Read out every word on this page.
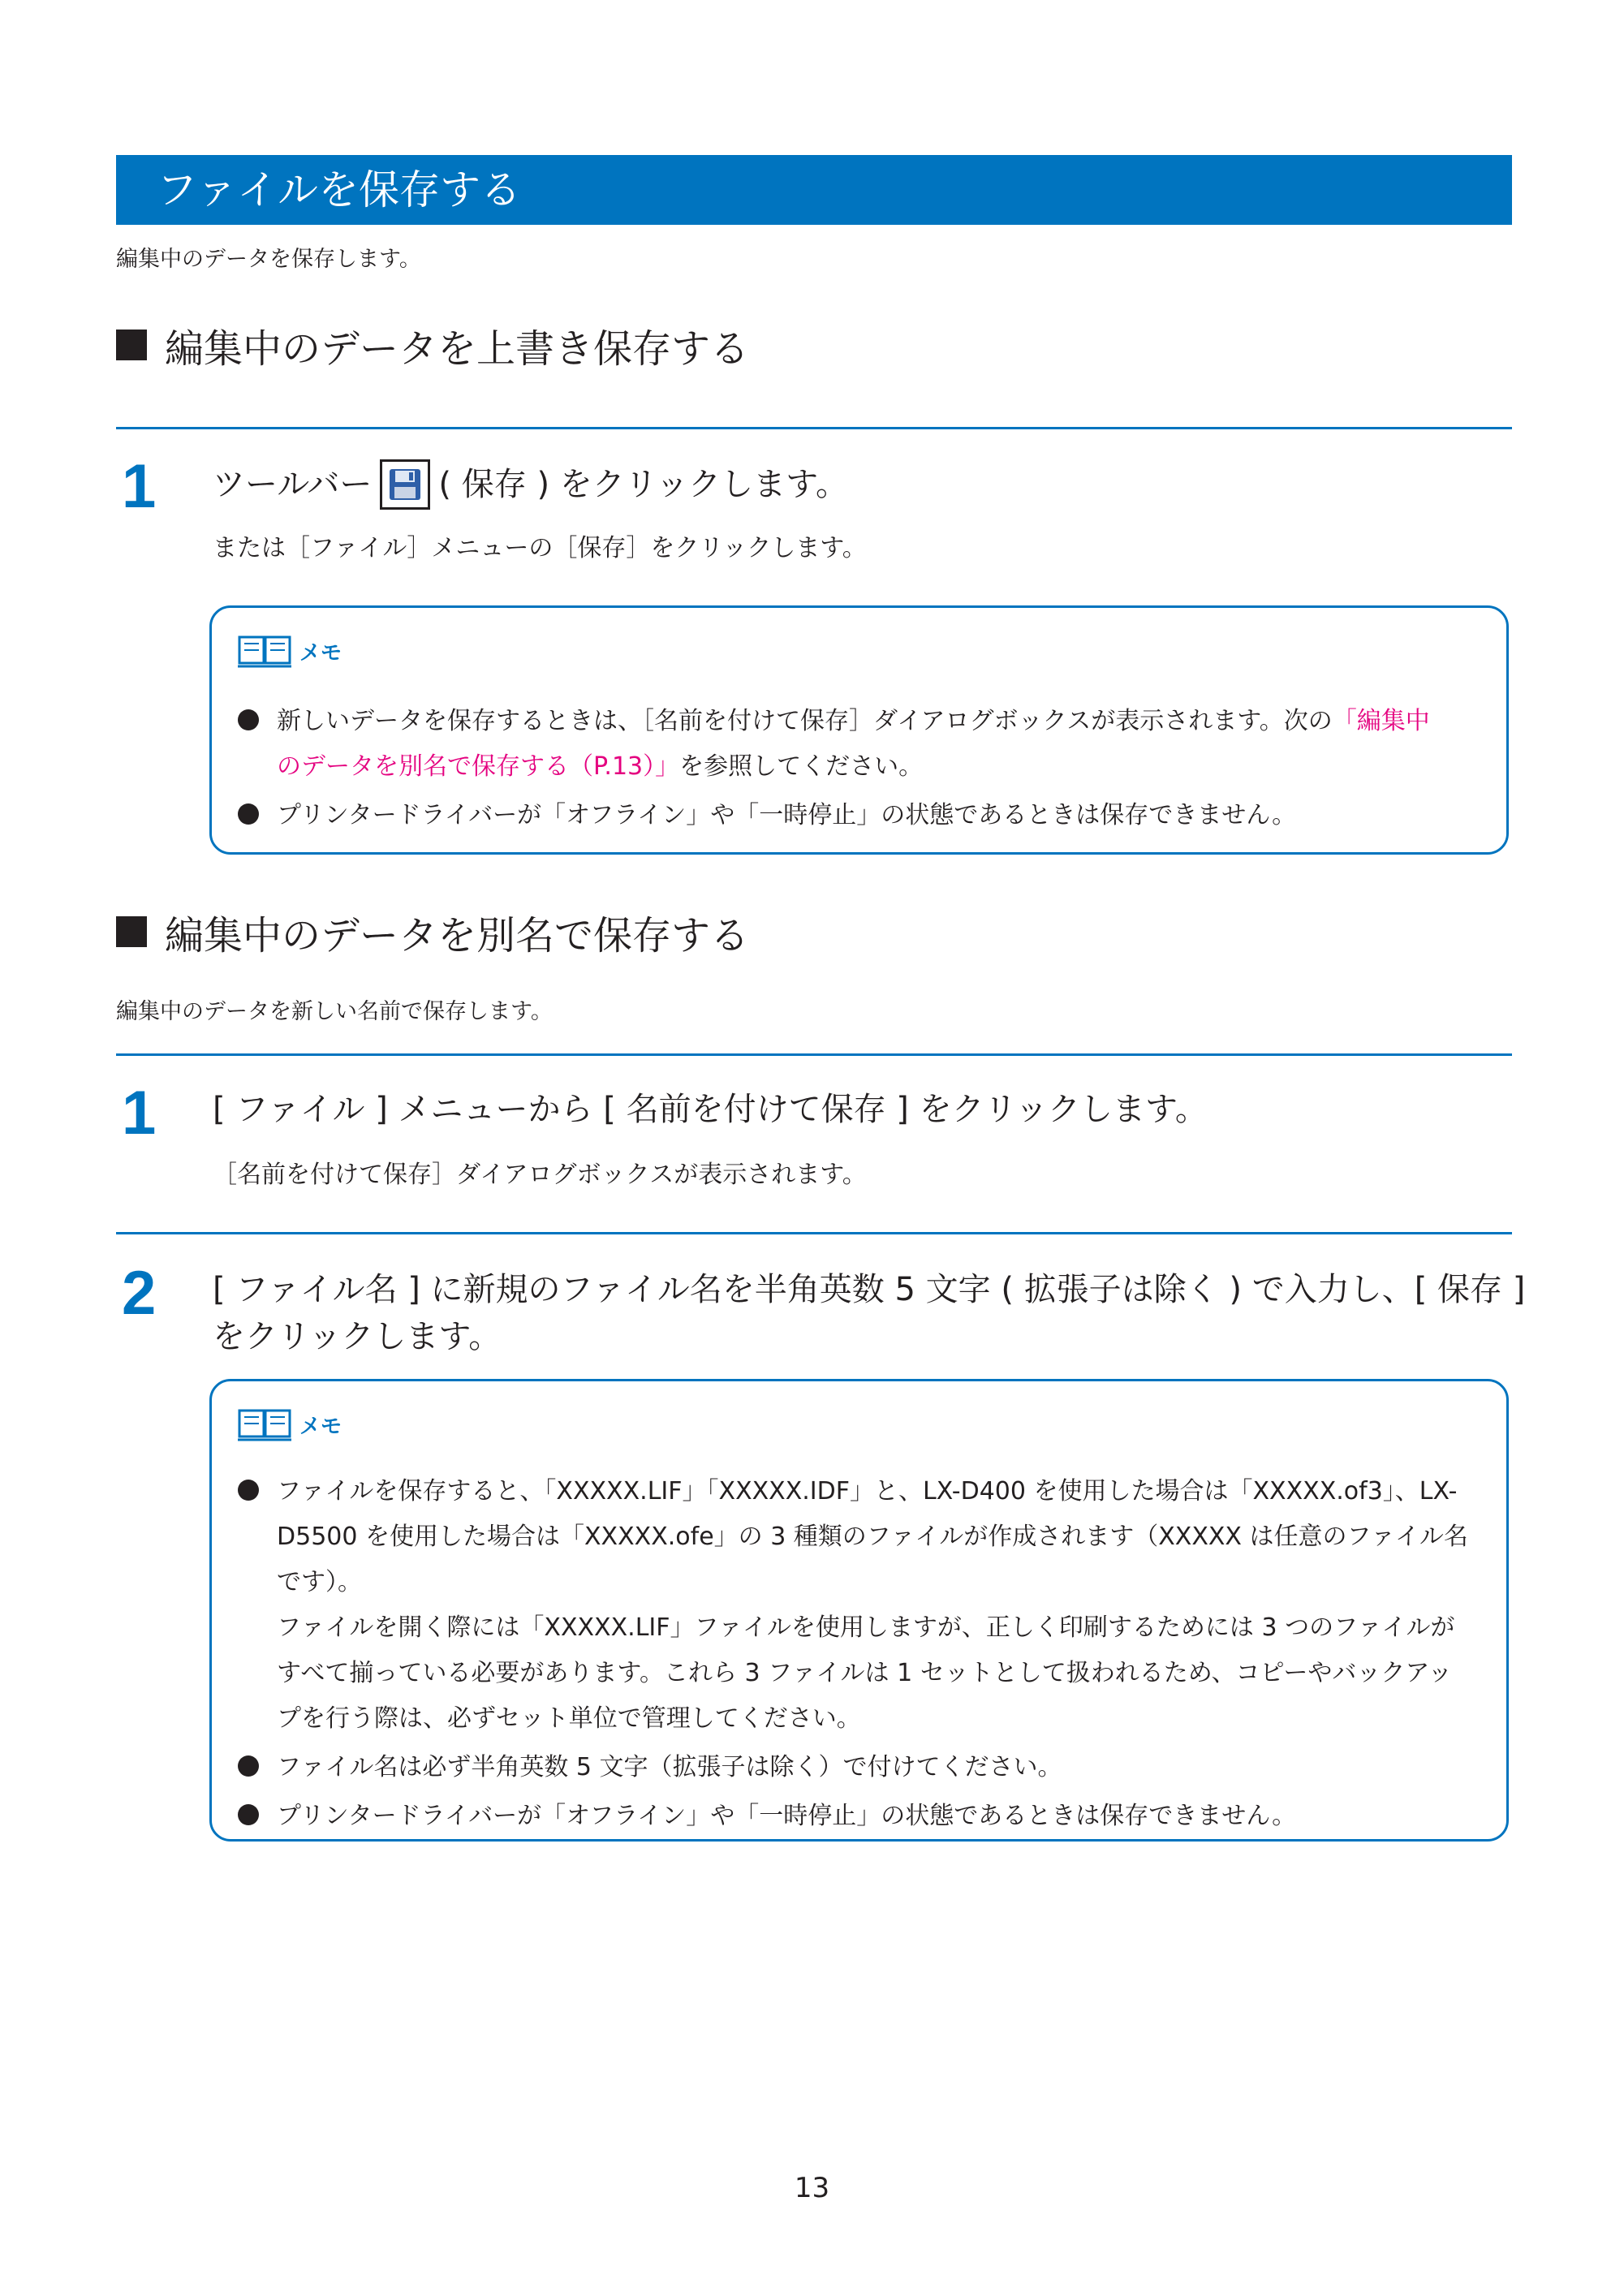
ファイルを保存する

編集中のデータを保存します。

編集中のデータを上書き保存する
1 ツールバー ( 保存 ) をクリックします。

または［ファイル］メニューの［保存］をクリックします。

メモ
新しいデータを保存するときは、［名前を付けて保存］ダイアログボックスが表示されます。次の「編集中
のデータを別名で保存する（P.13）」を参照してください。
プリンタードライバーが「オフライン」や「一時停止」の状態であるときは保存できません。
編集中のデータを別名で保存する

編集中のデータを新しい名前で保存します。

1 [ ファイル ] メニューから [ 名前を付けて保存 ] をクリックします。

［名前を付けて保存］ダイアログボックスが表示されます。

2 [ ファイル名 ] に新規のファイル名を半角英数 5 文字 ( 拡張子は除く ) で入力し、[ 保存 ]
をクリックします。

メモ
ファイルを保存すると、「XXXXX.LIF」「XXXXX.IDF」と、LX-D400 を使用した場合は「XXXXX.of3」、LX-
D5500 を使用した場合は「XXXXX.ofe」の 3 種類のファイルが作成されます（XXXXX は任意のファイル名
です）。
ファイルを開く際には「XXXXX.LIF」ファイルを使用しますが、正しく印刷するためには 3 つのファイルが
すべて揃っている必要があります。これら 3 ファイルは 1 セットとして扱われるため、コピーやバックアッ
プを行う際は、必ずセット単位で管理してください。
ファイル名は必ず半角英数 5 文字（拡張子は除く）で付けてください。
プリンタードライバーが「オフライン」や「一時停止」の状態であるときは保存できません。
13
